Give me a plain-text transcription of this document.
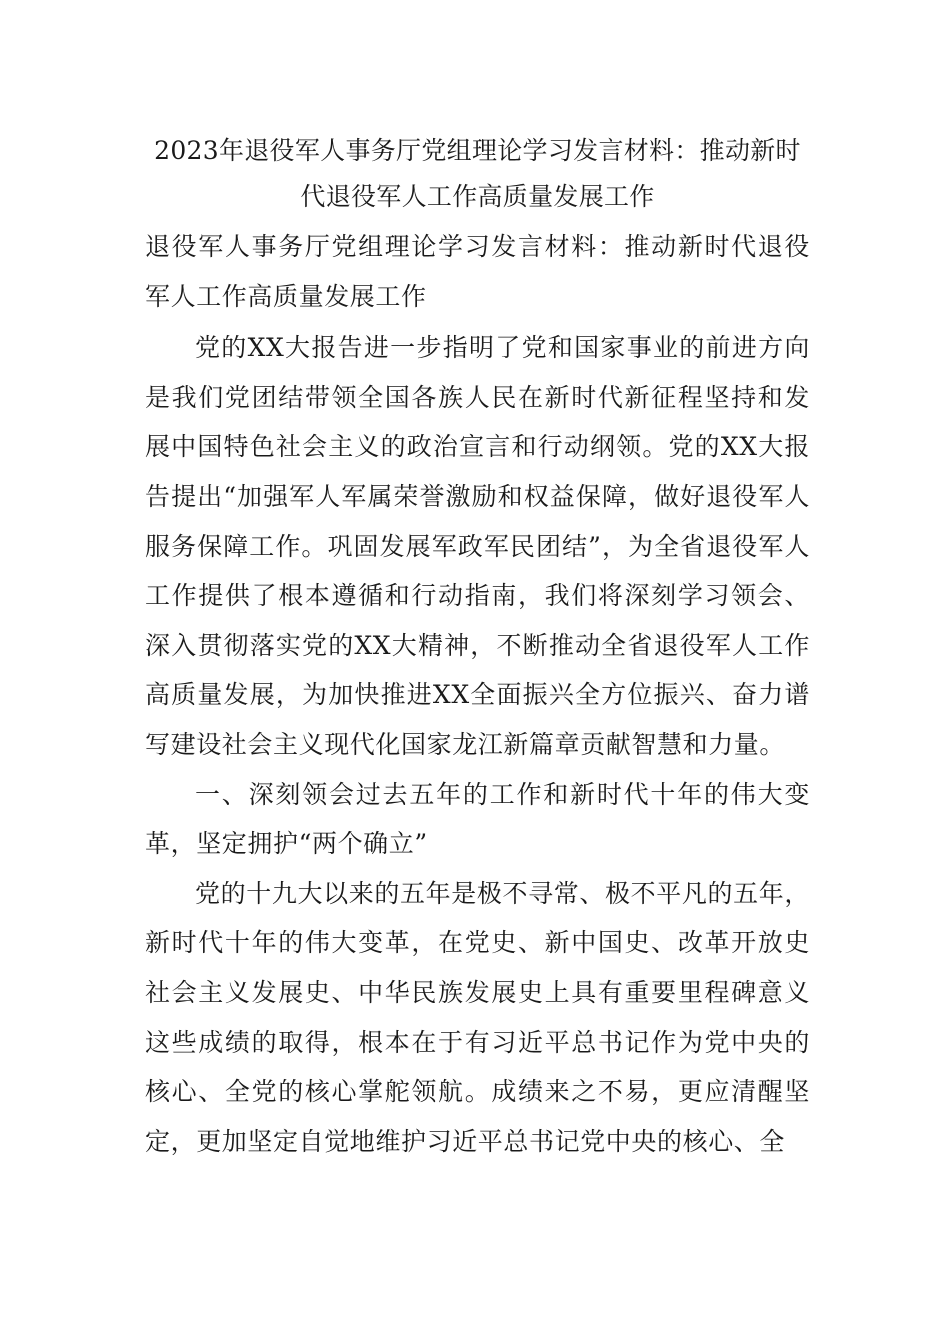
2023年退役军人事务厅党组理论学习发言材料：推动新时
代退役军人工作高质量发展工作

退役军人事务厅党组理论学习发言材料：推动新时代退役军人工作高质量发展工作

党的XX大报告进一步指明了党和国家事业的前进方向是我们党团结带领全国各族人民在新时代新征程坚持和发展中国特色社会主义的政治宣言和行动纲领。党的XX大报告提出“加强军人军属荣誉激励和权益保障，做好退役军人服务保障工作。巩固发展军政军民团结”，为全省退役军人工作提供了根本遵循和行动指南，我们将深刻学习领会、深入贯彻落实党的XX大精神，不断推动全省退役军人工作高质量发展，为加快推进XX全面振兴全方位振兴、奋力谱写建设社会主义现代化国家龙江新篇章贡献智慧和力量。

一、深刻领会过去五年的工作和新时代十年的伟大变革，坚定拥护“两个确立”

党的十九大以来的五年是极不寻常、极不平凡的五年，新时代十年的伟大变革，在党史、新中国史、改革开放史社会主义发展史、中华民族发展史上具有重要里程碑意义这些成绩的取得，根本在于有习近平总书记作为党中央的核心、全党的核心掌舵领航。成绩来之不易，更应清醒坚定，更加坚定自觉地维护习近平总书记党中央的核心、全
